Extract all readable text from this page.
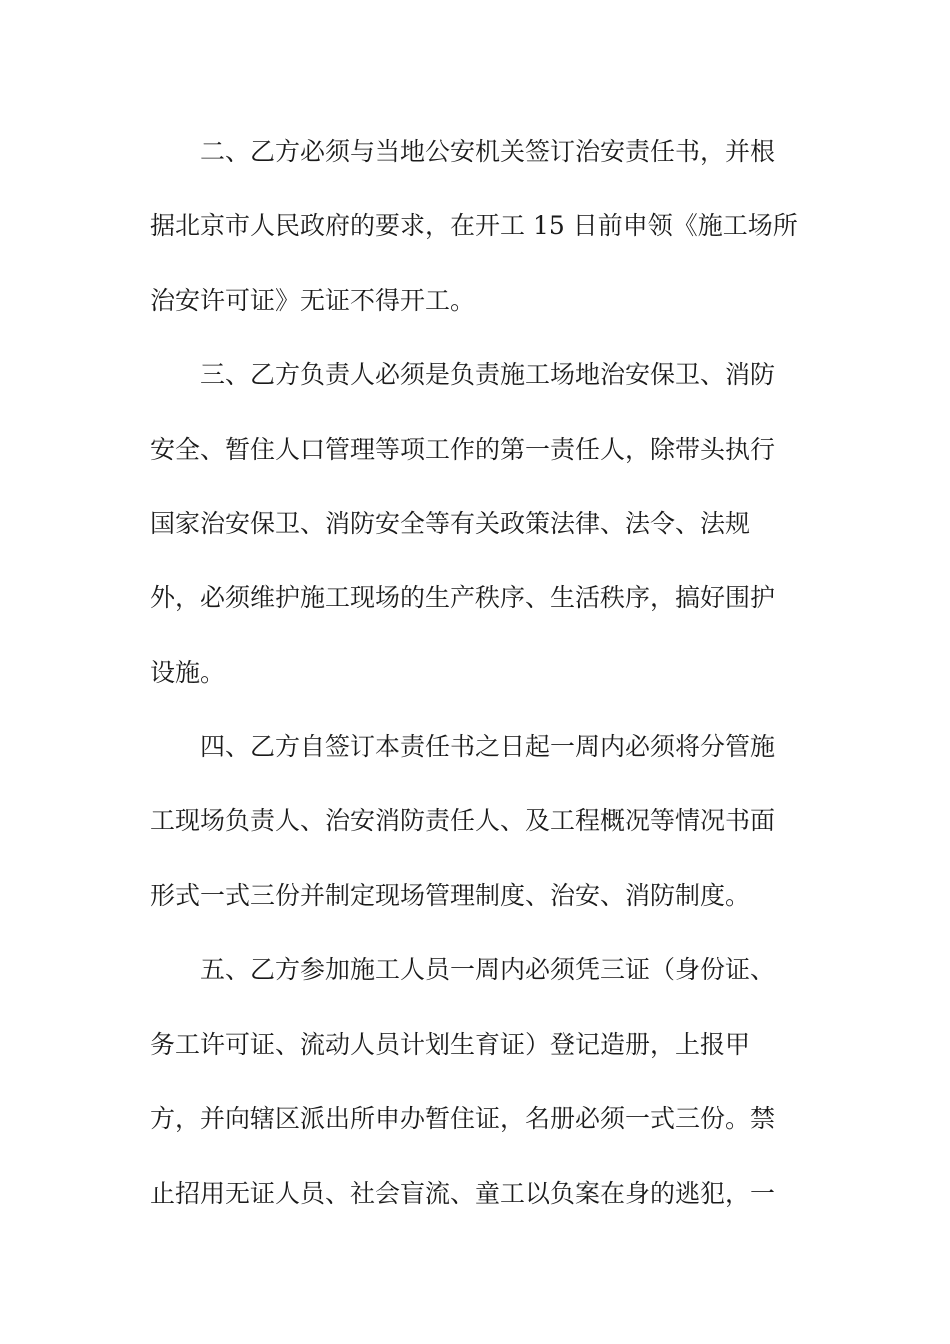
二、乙方必须与当地公安机关签订治安责任书，并根

据北京市人民政府的要求，在开工 15 日前申领《施工场所

治安许可证》无证不得开工。

三、乙方负责人必须是负责施工场地治安保卫、消防

安全、暂住人口管理等项工作的第一责任人，除带头执行

国家治安保卫、消防安全等有关政策法律、法令、法规

外，必须维护施工现场的生产秩序、生活秩序，搞好围护

设施。

四、乙方自签订本责任书之日起一周内必须将分管施

工现场负责人、治安消防责任人、及工程概况等情况书面

形式一式三份并制定现场管理制度、治安、消防制度。

五、乙方参加施工人员一周内必须凭三证（身份证、

务工许可证、流动人员计划生育证）登记造册，上报甲

方，并向辖区派出所申办暂住证，名册必须一式三份。禁

止招用无证人员、社会盲流、童工以负案在身的逃犯，一
